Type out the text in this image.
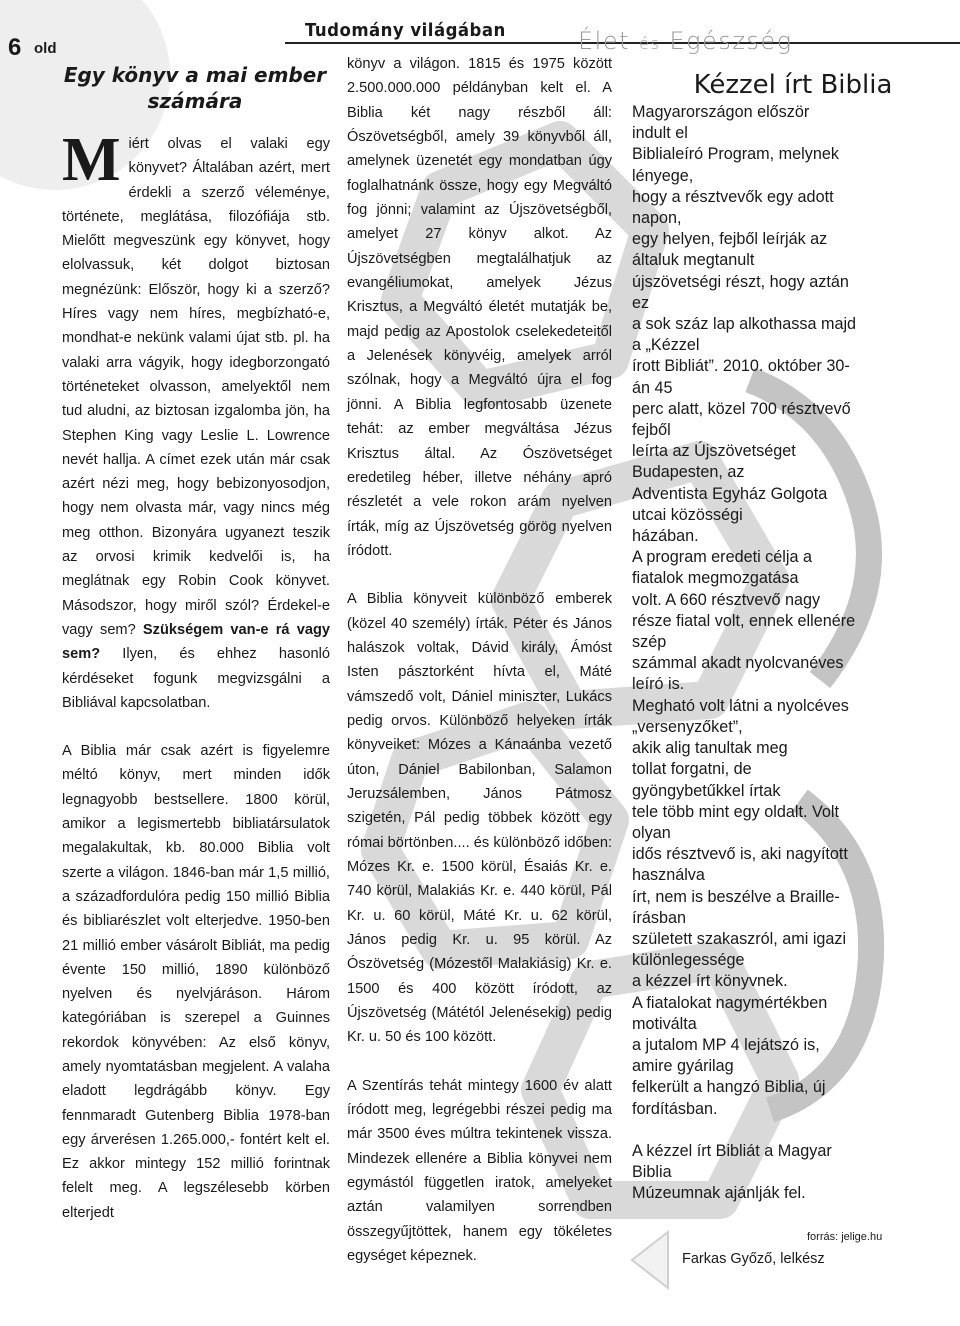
6 old
Tudomány világában	Élet és Egészség
Egy könyv a mai ember számára

Miért olvas el valaki egy könyvet? Általában azért, mert érdekli a szerző véleménye, története, meglátása, filozófiája stb. Mielőtt megveszünk egy könyvet, hogy elolvassuk, két dolgot biztosan megnézünk: Először, hogy ki a szerző? Híres vagy nem híres, megbízható-e, mondhat-e nekünk valami újat stb. pl. ha valaki arra vágyik, hogy idegborzongató történeteket olvasson, amelyektől nem tud aludni, az biztosan izgalomba jön, ha Stephen King vagy Leslie L. Lowrence nevét hallja. A címet ezek után már csak azért nézi meg, hogy bebizonyosodjon, hogy nem olvasta már, vagy nincs még meg otthon. Bizonyára ugyanezt teszik az orvosi krimik kedvelői is, ha meglátnak egy Robin Cook könyvet. Másodszor, hogy miről szól? Érdekel-e vagy sem? Szükségem van-e rá vagy sem? Ilyen, és ehhez hasonló kérdéseket fogunk megvizsgálni a Bibliával kapcsolatban.

A Biblia már csak azért is figyelemre méltó könyv, mert minden idők legnagyobb bestsellere. 1800 körül, amikor a legismertebb bibliatársulatok megalakultak, kb. 80.000 Biblia volt szerte a világon. 1846-ban már 1,5 millió, a századfordulóra pedig 150 millió Biblia és bibliarészlet volt elterjedve. 1950-ben 21 millió ember vásárolt Bibliát, ma pedig évente 150 millió, 1890 különböző nyelven és nyelvjáráson. Három kategóriában is szerepel a Guinnes rekordok könyvében: Az első könyv, amely nyomtatásban megjelent. A valaha eladott legdrágább könyv. Egy fennmaradt Gutenberg Biblia 1978-ban egy árverésen 1.265.000,- fontért kelt el. Ez akkor mintegy 152 millió forintnak felelt meg. A legszélesebb körben elterjedt

könyv a világon. 1815 és 1975 között 2.500.000.000 példányban kelt el. A Biblia két nagy részből áll: Ószövetségből, amely 39 könyvből áll, amelynek üzenetét egy mondatban úgy foglalhatnánk össze, hogy egy Megváltó fog jönni; valamint az Újszövetségből, amelyet 27 könyv alkot. Az Újszövetségben megtalálhatjuk az evangéliumokat, amelyek Jézus Krisztus, a Megváltó életét mutatják be, majd pedig az Apostolok cselekedeteitől a Jelenések könyvéig, amelyek arról szólnak, hogy a Megváltó újra el fog jönni. A Biblia legfontosabb üzenete tehát: az ember megváltása Jézus Krisztus által. Az Ószövetséget eredetileg héber, illetve néhány apró részletét a vele rokon arám nyelven írták, míg az Újszövetség görög nyelven íródott.

A Biblia könyveit különböző emberek (közel 40 személy) írták. Péter és János halászok voltak, Dávid király, Ámóst Isten pásztorként hívta el, Máté vámszedő volt, Dániel miniszter, Lukács pedig orvos. Különböző helyeken írták könyveiket: Mózes a Kánaánba vezető úton, Dániel Babilonban, Salamon Jeruzsálemben, János Pátmosz szigetén, Pál pedig többek között egy római börtönben.... és különböző időben: Mózes Kr. e. 1500 körül, Ésaiás Kr. e. 740 körül, Malakiás Kr. e. 440 körül, Pál Kr. u. 60 körül, Máté Kr. u. 62 körül, János pedig Kr. u. 95 körül. Az Ószövetség (Mózestől Malakiásig) Kr. e. 1500 és 400 között íródott, az Újszövetség (Mátétól Jelenésekig) pedig Kr. u. 50 és 100 között.

A Szentírás tehát mintegy 1600 év alatt íródott meg, legrégebbi részei pedig ma már 3500 éves múltra tekintenek vissza. Mindezek ellenére a Biblia könyvei nem egymástól független iratok, amelyeket aztán valamilyen sorrendben összegyűjtöttek, hanem egy tökéletes egységet képeznek.

Kézzel írt Biblia

Magyarországon először
indult el
Biblialeíró Program, melynek
lényege,
hogy a résztvevők egy adott
napon,
egy helyen, fejből leírják az
általuk megtanult
újszövetségi részt, hogy aztán
ez
a sok száz lap alkothassa majd
a „Kézzel
írott Bibliát”. 2010. október 30-
án 45
perc alatt, közel 700 résztvevő
fejből
leírta az Újszövetséget
Budapesten, az
Adventista Egyház Golgota
utcai közösségi
házában.
A program eredeti célja a
fiatalok megmozgatása
volt. A 660 résztvevő nagy
része fiatal volt, ennek ellenére
szép
számmal akadt nyolcvanéves
leíró is.
Megható volt látni a nyolcéves
„versenyzőket”,
akik alig tanultak meg
tollat forgatni, de
gyöngybetűkkel írtak
tele több mint egy oldalt. Volt
olyan
idős résztvevő is, aki nagyított
használva
írt, nem is beszélve a Braille-
írásban
született szakaszról, ami igazi
különlegessége
a kézzel írt könyvnek.
A fiatalokat nagymértékben
motiválta
a jutalom MP 4 lejátszó is,
amire gyárilag
felkerült a hangzó Biblia, új
fordításban.

A kézzel írt Bibliát a Magyar
Biblia
Múzeumnak ajánlják fel.

forrás: jelige.hu
Farkas Győző, lelkész
